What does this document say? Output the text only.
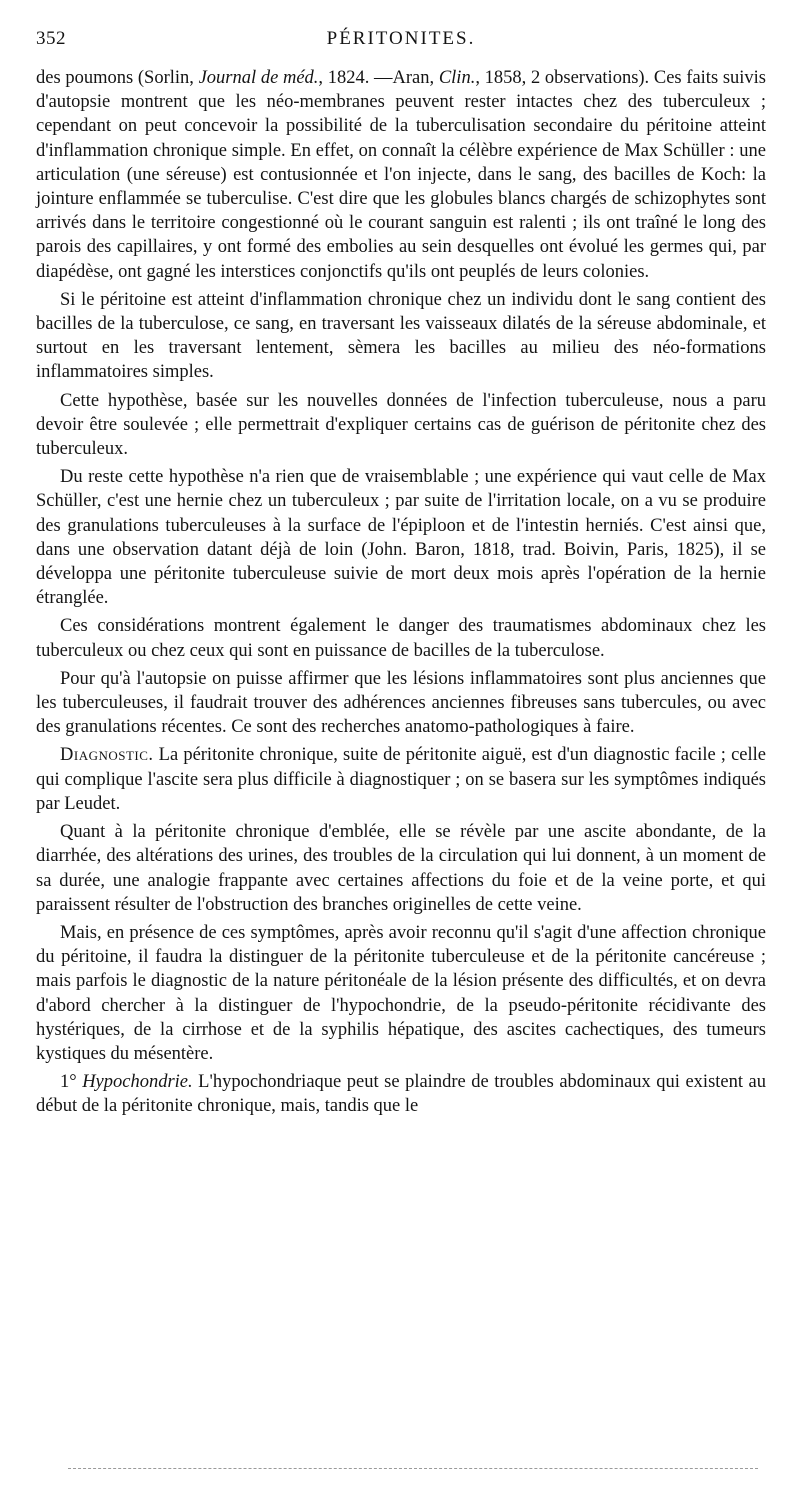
352	PÉRITONITES.

des poumons (Sorlin, Journal de méd., 1824. —Aran, Clin., 1858, 2 observations). Ces faits suivis d'autopsie montrent que les néo-membranes peuvent rester intactes chez des tuberculeux ; cependant on peut concevoir la possibilité de la tuberculisation secondaire du péritoine atteint d'inflammation chronique simple. En effet, on connaît la célèbre expérience de Max Schüller : une articulation (une séreuse) est contusionnée et l'on injecte, dans le sang, des bacilles de Koch: la jointure enflammée se tuberculise. C'est dire que les globules blancs chargés de schizophytes sont arrivés dans le territoire congestionné où le courant sanguin est ralenti ; ils ont traîné le long des parois des capillaires, y ont formé des embolies au sein desquelles ont évolué les germes qui, par diapédèse, ont gagné les interstices conjonctifs qu'ils ont peuplés de leurs colonies.

Si le péritoine est atteint d'inflammation chronique chez un individu dont le sang contient des bacilles de la tuberculose, ce sang, en traversant les vaisseaux dilatés de la séreuse abdominale, et surtout en les traversant lentement, sèmera les bacilles au milieu des néo-formations inflammatoires simples.

Cette hypothèse, basée sur les nouvelles données de l'infection tuberculeuse, nous a paru devoir être soulevée ; elle permettrait d'expliquer certains cas de guérison de péritonite chez des tuberculeux.

Du reste cette hypothèse n'a rien que de vraisemblable ; une expérience qui vaut celle de Max Schüller, c'est une hernie chez un tuberculeux ; par suite de l'irritation locale, on a vu se produire des granulations tuberculeuses à la surface de l'épiploon et de l'intestin herniés. C'est ainsi que, dans une observation datant déjà de loin (John. Baron, 1818, trad. Boivin, Paris, 1825), il se développa une péritonite tuberculeuse suivie de mort deux mois après l'opération de la hernie étranglée.

Ces considérations montrent également le danger des traumatismes abdominaux chez les tuberculeux ou chez ceux qui sont en puissance de bacilles de la tuberculose.

Pour qu'à l'autopsie on puisse affirmer que les lésions inflammatoires sont plus anciennes que les tuberculeuses, il faudrait trouver des adhérences anciennes fibreuses sans tubercules, ou avec des granulations récentes. Ce sont des recherches anatomo-pathologiques à faire.

Diagnostic. La péritonite chronique, suite de péritonite aiguë, est d'un diagnostic facile ; celle qui complique l'ascite sera plus difficile à diagnostiquer ; on se basera sur les symptômes indiqués par Leudet.

Quant à la péritonite chronique d'emblée, elle se révèle par une ascite abondante, de la diarrhée, des altérations des urines, des troubles de la circulation qui lui donnent, à un moment de sa durée, une analogie frappante avec certaines affections du foie et de la veine porte, et qui paraissent résulter de l'obstruction des branches originelles de cette veine.

Mais, en présence de ces symptômes, après avoir reconnu qu'il s'agit d'une affection chronique du péritoine, il faudra la distinguer de la péritonite tuberculeuse et de la péritonite cancéreuse ; mais parfois le diagnostic de la nature péritonéale de la lésion présente des difficultés, et on devra d'abord chercher à la distinguer de l'hypochondrie, de la pseudo-péritonite récidivante des hystériques, de la cirrhose et de la syphilis hépatique, des ascites cachectiques, des tumeurs kystiques du mésentère.

1° Hypochondrie. L'hypochondriaque peut se plaindre de troubles abdominaux qui existent au début de la péritonite chronique, mais, tandis que le
